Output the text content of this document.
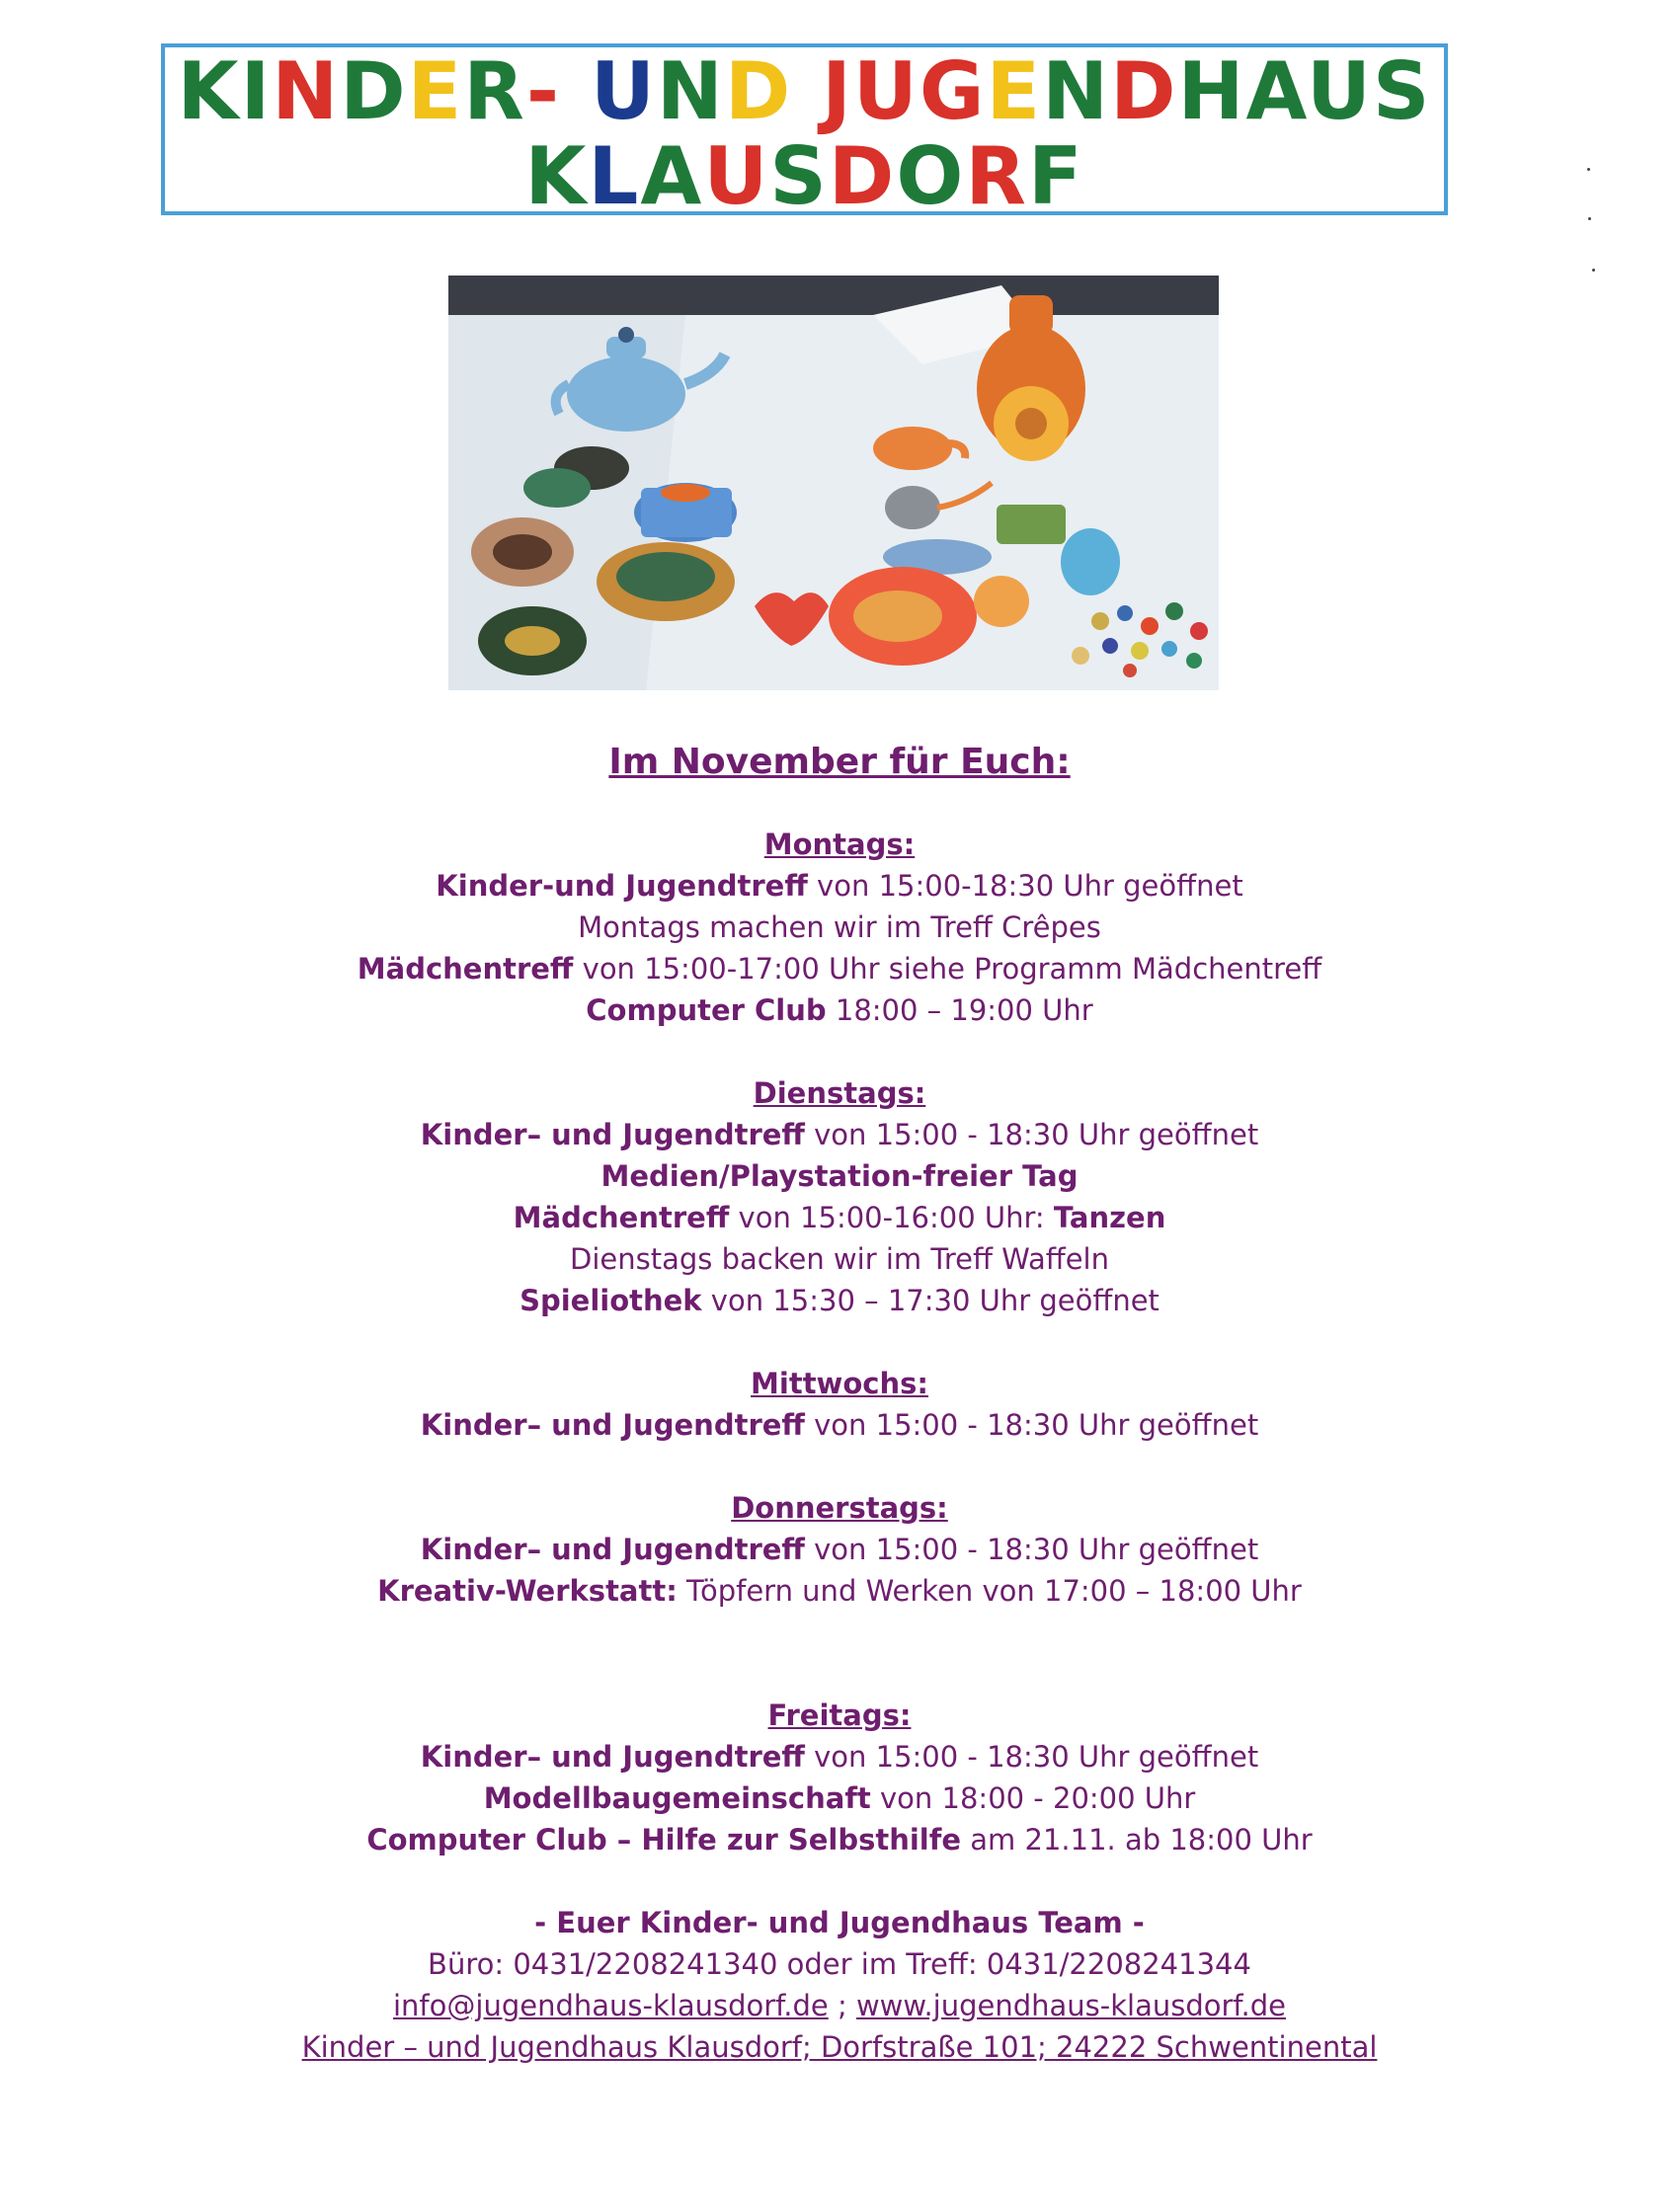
KINDER- UND JUGENDHAUS
KLAUSDORF

Im November für Euch:

Montags:

Kinder-und Jugendtreff von 15:00-18:30 Uhr geöffnet

Montags machen wir im Treff Crêpes

Mädchentreff von 15:00-17:00 Uhr siehe Programm Mädchentreff

Computer Club 18:00 – 19:00 Uhr

Dienstags:

Kinder– und Jugendtreff von 15:00 - 18:30 Uhr geöffnet

Medien/Playstation-freier Tag

Mädchentreff von 15:00-16:00 Uhr: Tanzen

Dienstags backen wir im Treff Waffeln

Spieliothek von 15:30 – 17:30 Uhr geöffnet

Mittwochs:

Kinder– und Jugendtreff von 15:00 - 18:30 Uhr geöffnet

Donnerstags:

Kinder– und Jugendtreff von 15:00 - 18:30 Uhr geöffnet

Kreativ-Werkstatt: Töpfern und Werken von 17:00 – 18:00 Uhr

Freitags:

Kinder– und Jugendtreff von 15:00 - 18:30 Uhr geöffnet

Modellbaugemeinschaft von 18:00 - 20:00 Uhr

Computer Club – Hilfe zur Selbsthilfe am 21.11. ab 18:00 Uhr

- Euer Kinder- und Jugendhaus Team -

Büro: 0431/2208241340 oder im Treff: 0431/2208241344

info@jugendhaus-klausdorf.de ; www.jugendhaus-klausdorf.de

Kinder – und Jugendhaus Klausdorf; Dorfstraße 101; 24222 Schwentinental
